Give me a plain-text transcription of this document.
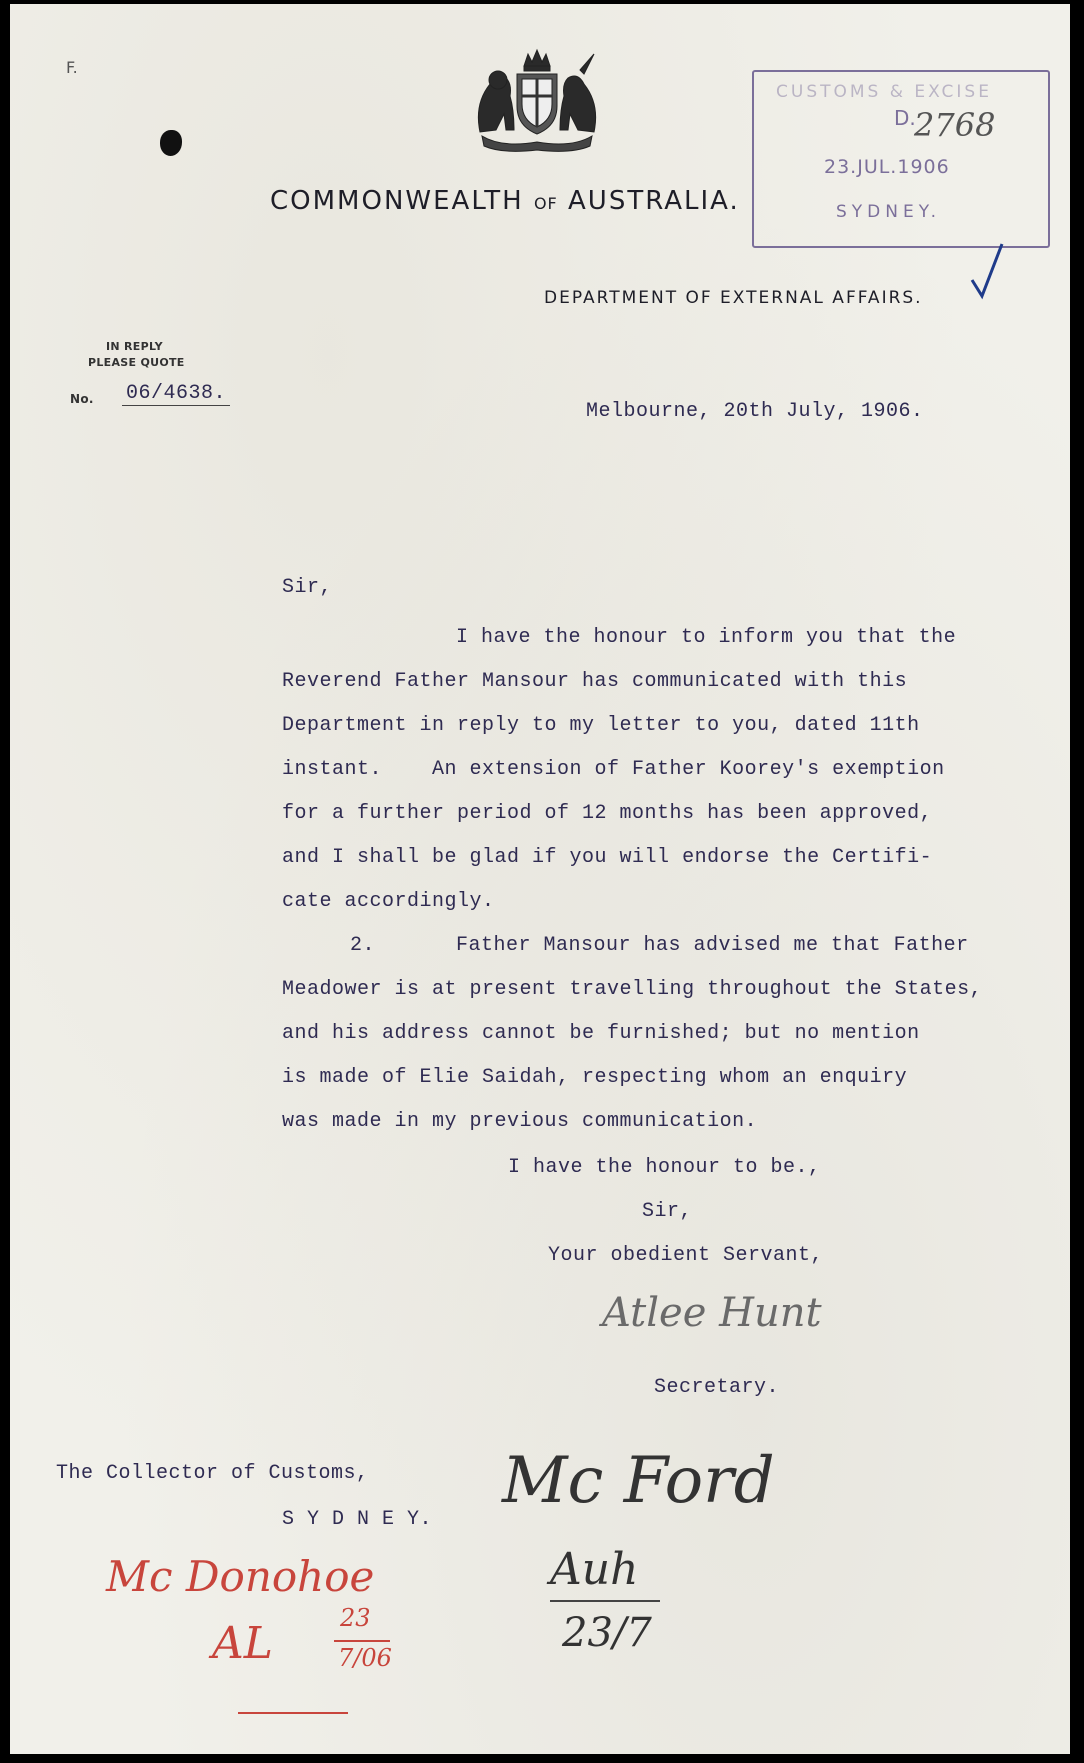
F.
COMMONWEALTH OF AUSTRALIA.
DEPARTMENT OF EXTERNAL AFFAIRS.
CUSTOMS & EXCISE
D.
2768
23.JUL.1906
SYDNEY.
IN REPLY
PLEASE QUOTE
No. 06/4638.
Melbourne, 20th July, 1906.
Sir,
I have the honour to inform you that the
Reverend Father Mansour has communicated with this
Department in reply to my letter to you, dated 11th
instant.    An extension of Father Koorey's exemption
for a further period of 12 months has been approved,
and I shall be glad if you will endorse the Certifi-
cate accordingly.
2.	Father Mansour has advised me that Father
Meadower is at present travelling throughout the States,
and his address cannot be furnished; but no mention
is made of Elie Saidah, respecting whom an enquiry
was made in my previous communication.
I have the honour to be.,
Sir,
Your obedient Servant,
Atlee Hunt
Secretary.
The Collector of Customs,
S Y D N E Y.
Mc Ford
Auh
23/7
Mc Donohoe
AL	23
7/06
